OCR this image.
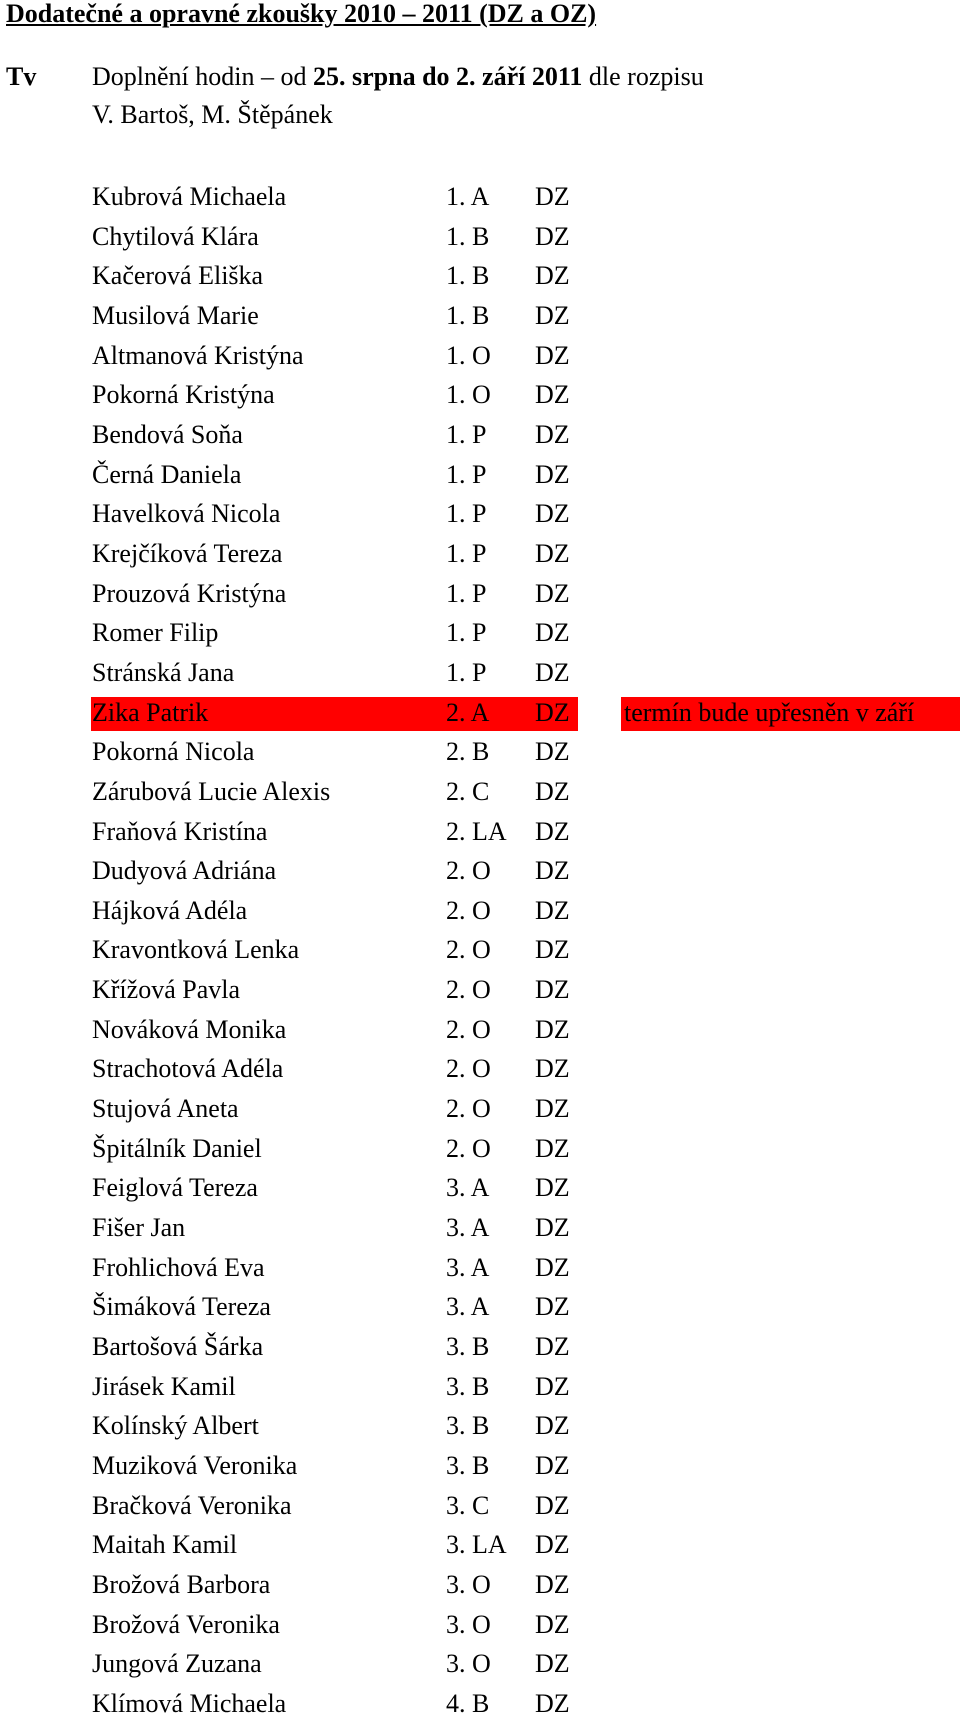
Dodatečné a opravné zkoušky 2010 – 2011 (DZ a OZ)
Tv Doplnění hodin – od 25. srpna do 2. září 2011 dle rozpisu
V. Bartoš, M. Štěpánek
Kubrová Michaela	1. A DZ
Chytilová Klára	1. B DZ
Kačerová Eliška	1. B DZ
Musilová Marie	1. B DZ
Altmanová Kristýna	1. O DZ
Pokorná Kristýna	1. O DZ
Bendová Soňa	1. P DZ
Černá Daniela	1. P DZ
Havelková Nicola	1. P DZ
Krejčíková Tereza	1. P DZ
Prouzová Kristýna	1. P DZ
Romer Filip	1. P DZ
Stránská Jana	1. P DZ
Zika Patrik	2. A DZ termín bude upřesněn v září
Pokorná Nicola	2. B DZ
Zárubová Lucie Alexis	2. C DZ
Fraňová Kristína	2. LA DZ
Dudyová Adriána	2. O DZ
Hájková Adéla	2. O DZ
Kravontková Lenka	2. O DZ
Křížová Pavla	2. O DZ
Nováková Monika	2. O DZ
Strachotová Adéla	2. O DZ
Stujová Aneta	2. O DZ
Špitálník Daniel	2. O DZ
Feiglová Tereza	3. A DZ
Fišer Jan	3. A DZ
Frohlichová Eva	3. A DZ
Šimáková Tereza	3. A DZ
Bartošová Šárka	3. B DZ
Jirásek Kamil	3. B DZ
Kolínský Albert	3. B DZ
Muziková Veronika	3. B DZ
Bračková Veronika	3. C DZ
Maitah Kamil	3. LA DZ
Brožová Barbora	3. O DZ
Brožová Veronika	3. O DZ
Jungová Zuzana	3. O DZ
Klímová Michaela	4. B DZ
